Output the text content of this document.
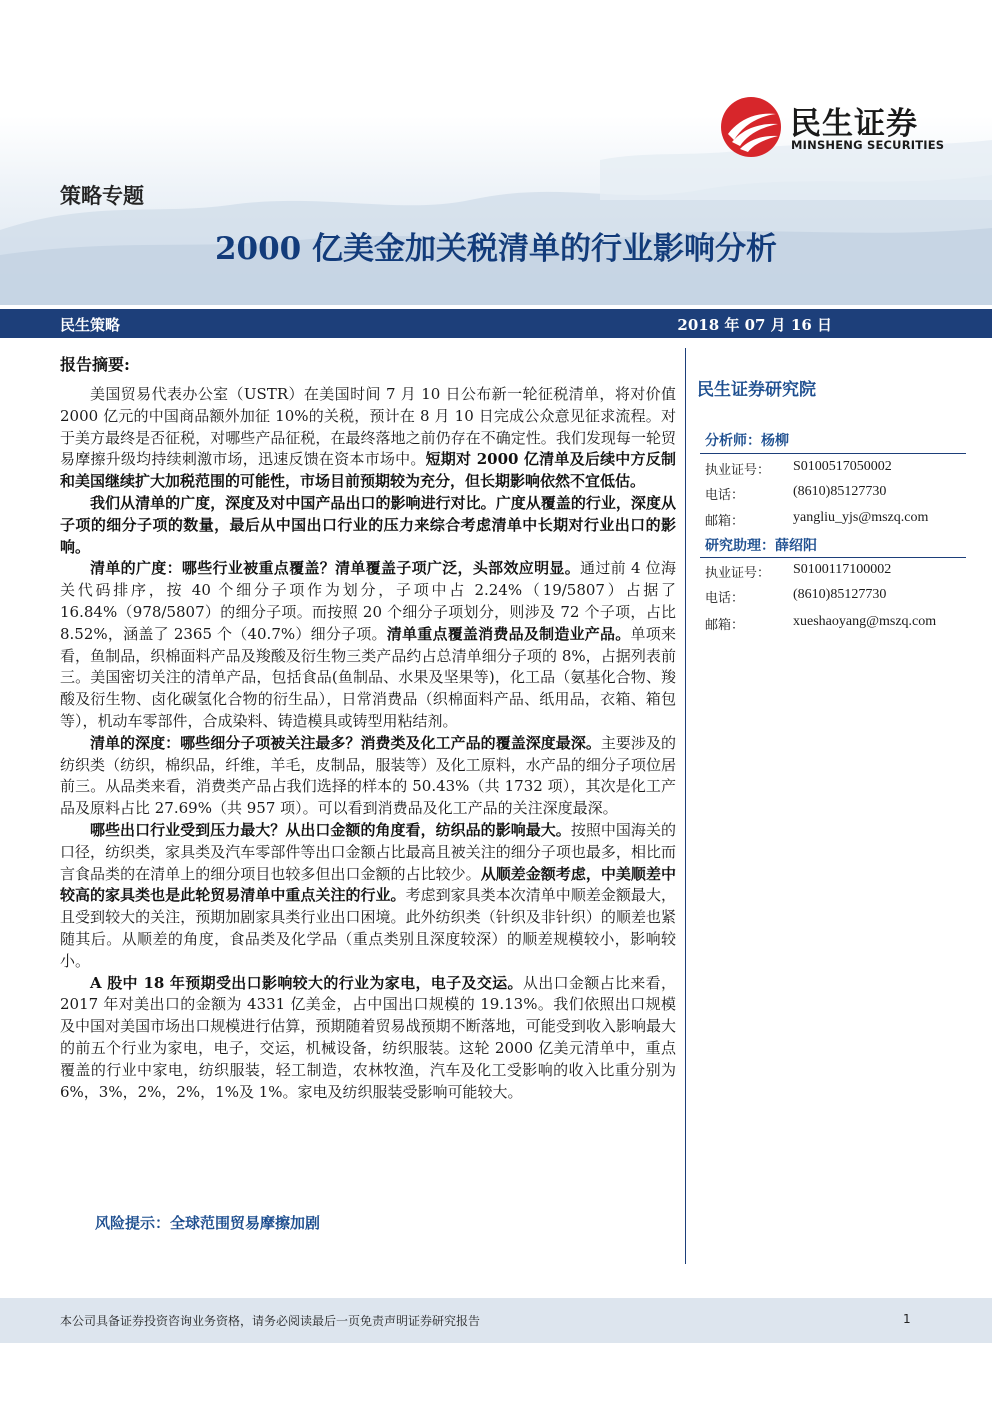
民生证券
MINSHENG SECURITIES
策略专题
2000 亿美金加关税清单的行业影响分析
民生策略	2018 年 07 月 16 日
报告摘要:

美国贸易代表办公室（USTR）在美国时间 7 月 10 日公布新一轮征税清单，将对价值 2000 亿元的中国商品额外加征 10%的关税，预计在 8 月 10 日完成公众意见征求流程。对于美方最终是否征税，对哪些产品征税，在最终落地之前仍存在不确定性。我们发现每一轮贸易摩擦升级均持续刺激市场，迅速反馈在资本市场中。短期对 2000 亿清单及后续中方反制和美国继续扩大加税范围的可能性，市场目前预期较为充分，但长期影响依然不宜低估。

我们从清单的广度，深度及对中国产品出口的影响进行对比。广度从覆盖的行业，深度从子项的细分子项的数量，最后从中国出口行业的压力来综合考虑清单中长期对行业出口的影响。

清单的广度：哪些行业被重点覆盖？清单覆盖子项广泛，头部效应明显。通过前 4 位海关代码排序，按 40 个细分子项作为划分，子项中占 2.24%（19/5807）占据了 16.84%（978/5807）的细分子项。而按照 20 个细分子项划分，则涉及 72 个子项，占比 8.52%，涵盖了 2365 个（40.7%）细分子项。清单重点覆盖消费品及制造业产品。单项来看，鱼制品，织棉面料产品及羧酸及衍生物三类产品约占总清单细分子项的 8%，占据列表前三。美国密切关注的清单产品，包括食品(鱼制品、水果及坚果等)，化工品（氨基化合物、羧酸及衍生物、卤化碳氢化合物的衍生品），日常消费品（织棉面料产品、纸用品，衣箱、箱包等），机动车零部件，合成染料、铸造模具或铸型用粘结剂。

清单的深度：哪些细分子项被关注最多？消费类及化工产品的覆盖深度最深。主要涉及的纺织类（纺织，棉织品，纤维，羊毛，皮制品，服装等）及化工原料，水产品的细分子项位居前三。从品类来看，消费类产品占我们选择的样本的 50.43%（共 1732 项），其次是化工产品及原料占比 27.69%（共 957 项）。可以看到消费品及化工产品的关注深度最深。

哪些出口行业受到压力最大？从出口金额的角度看，纺织品的影响最大。按照中国海关的口径，纺织类，家具类及汽车零部件等出口金额占比最高且被关注的细分子项也最多，相比而言食品类的在清单上的细分项目也较多但出口金额的占比较少。从顺差金额考虑，中美顺差中较高的家具类也是此轮贸易清单中重点关注的行业。考虑到家具类本次清单中顺差金额最大，且受到较大的关注，预期加剧家具类行业出口困境。此外纺织类（针织及非针织）的顺差也紧随其后。从顺差的角度，食品类及化学品（重点类别且深度较深）的顺差规模较小，影响较小。

A 股中 18 年预期受出口影响较大的行业为家电，电子及交运。从出口金额占比来看，2017 年对美出口的金额为 4331 亿美金，占中国出口规模的 19.13%。我们依照出口规模及中国对美国市场出口规模进行估算，预期随着贸易战预期不断落地，可能受到收入影响最大的前五个行业为家电，电子，交运，机械设备，纺织服装。这轮 2000 亿美元清单中，重点覆盖的行业中家电，纺织服装，轻工制造，农林牧渔，汽车及化工受影响的收入比重分别为 6%，3%，2%，2%，1%及 1%。家电及纺织服装受影响可能较大。

风险提示：全球范围贸易摩擦加剧
民生证券研究院
分析师：杨柳
执业证号： S0100517050002
电话：	(8610)85127730
邮箱：	yangliu_yjs@mszq.com
研究助理：薛绍阳
执业证号： S0100117100002
电话：	(8610)85127730
邮箱：	xueshaoyang@mszq.com
本公司具备证券投资咨询业务资格，请务必阅读最后一页免责声明证券研究报告	1
